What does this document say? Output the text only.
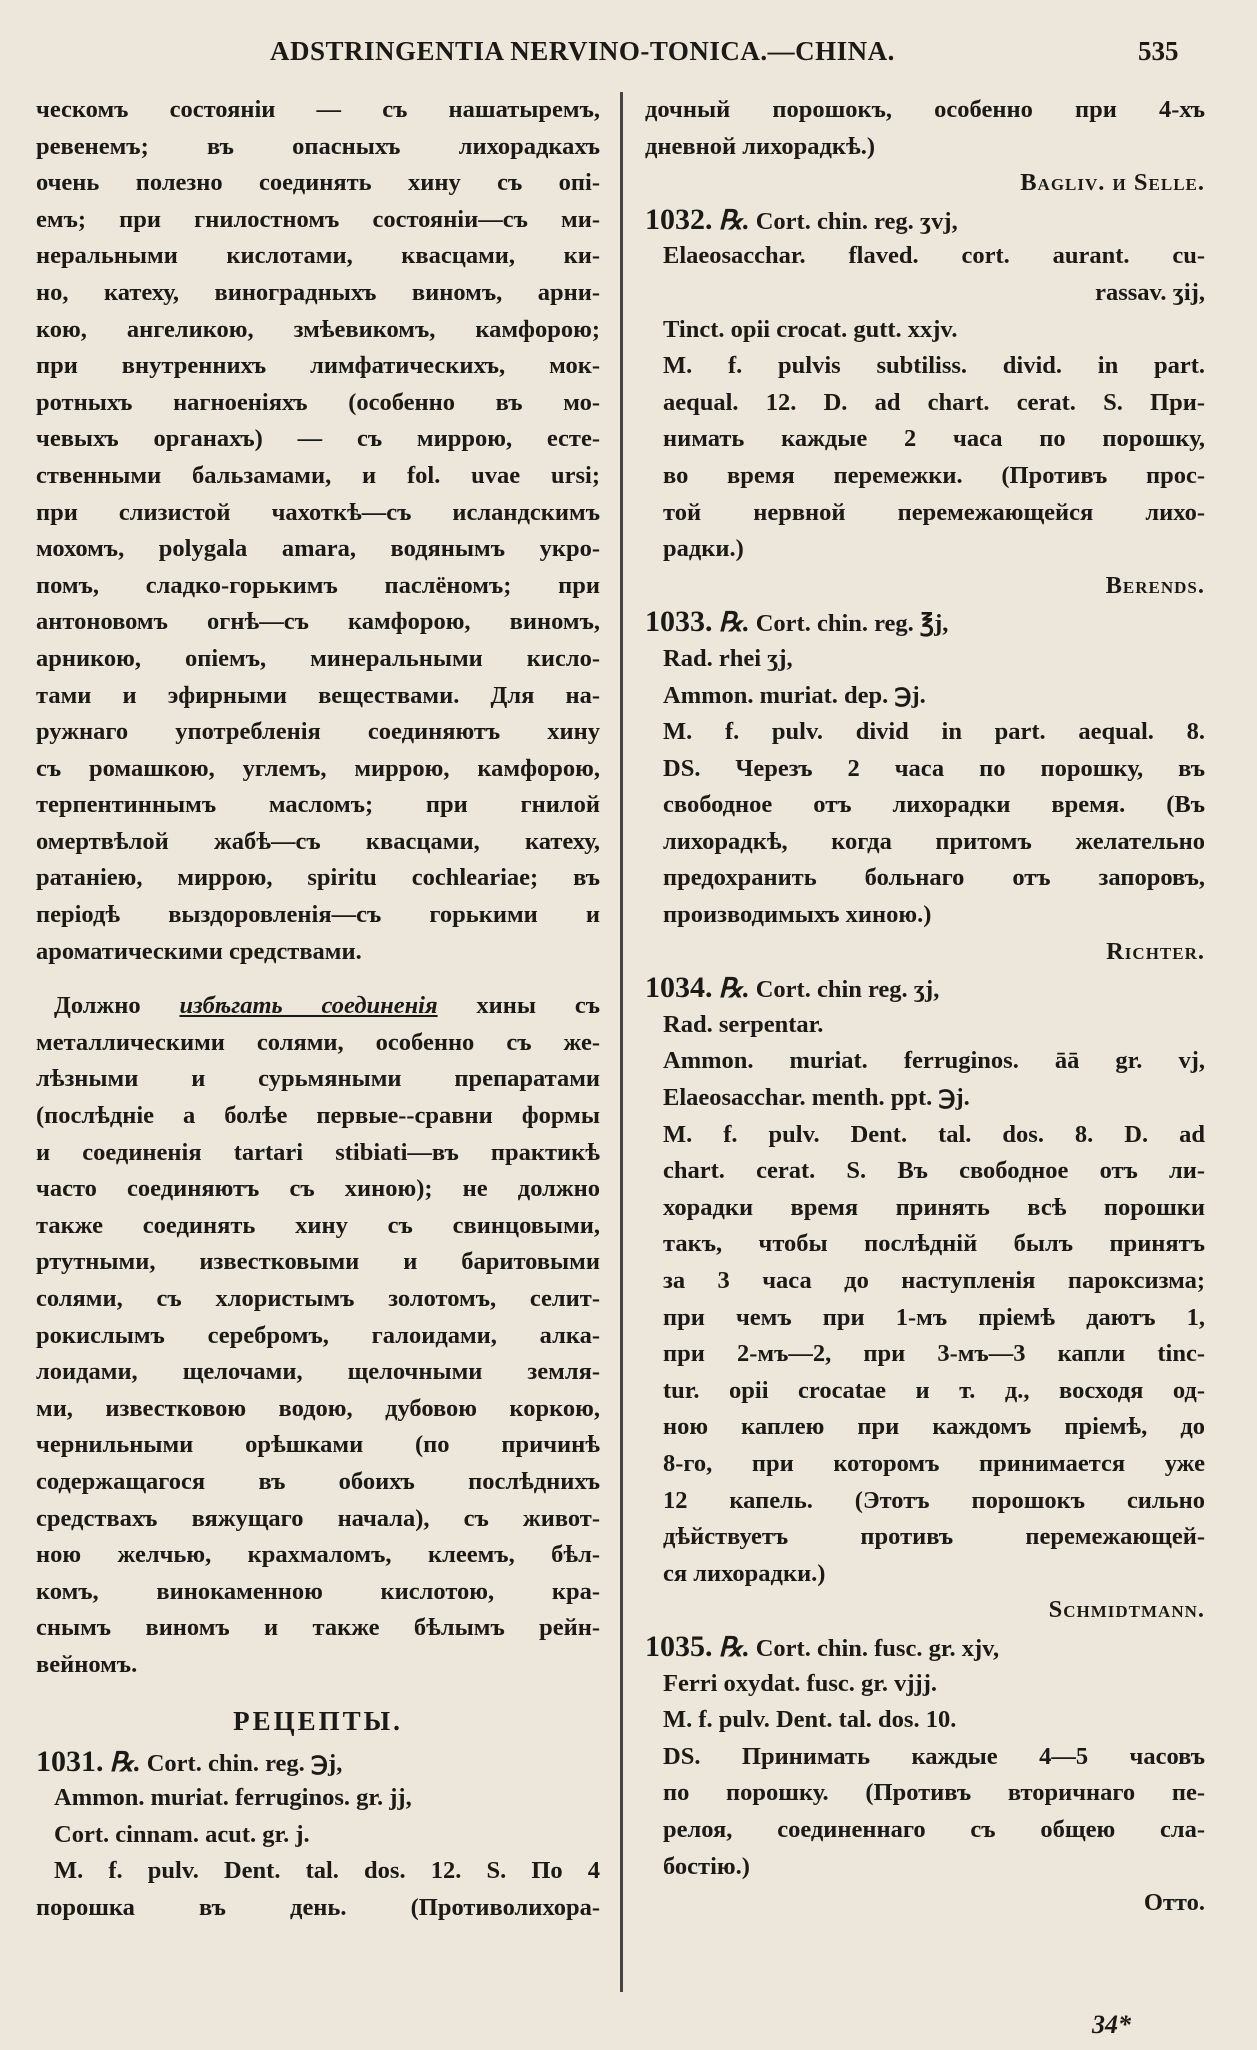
ADSTRINGENTIA NERVINO-TONICA.—CHINA.	535
ческомъ состояніи — съ нашатыремъ,
ревенемъ; въ опасныхъ лихорадкахъ
очень полезно соединять хину съ опі-
емъ; при гнилостномъ состояніи—съ ми-
неральными кислотами, квасцами, ки-
но, катеху, виноградныхъ виномъ, арни-
кою, ангеликою, змѣевикомъ, камфорою;
при внутреннихъ лимфатическихъ, мок-
ротныхъ нагноеніяхъ (особенно въ мо-
чевыхъ органахъ) — съ миррою, есте-
ственными бальзамами, и fol. uvae ursi;
при слизистой чахоткѣ—съ исландскимъ
мохомъ, polygala amara, водянымъ укро-
помъ, сладко-горькимъ паслёномъ; при
антоновомъ огнѣ—съ камфорою, виномъ,
арникою, опіемъ, минеральными кисло-
тами и эфирными веществами. Для на-
ружнаго употребленія соединяютъ хину
съ ромашкою, углемъ, миррою, камфорою,
терпентиннымъ масломъ; при гнилой
омертвѣлой жабѣ—съ квасцами, катеху,
ратаніею, миррою, spiritu cochleariae; въ
періодѣ выздоровленія—съ горькими и
ароматическими средствами.
Должно избѣгать соединенія хины съ
металлическими солями, особенно съ же-
лѣзными и сурьмяными препаратами
(послѣдніе а болѣе первые--сравни формы
и соединенія tartari stibiati—въ практикѣ
часто соединяютъ съ хиною); не должно
также соединять хину съ свинцовыми,
ртутными, известковыми и баритовыми
солями, съ хлористымъ золотомъ, селит-
рокислымъ серебромъ, галоидами, алка-
лоидами, щелочами, щелочными земля-
ми, известковою водою, дубовою коркою,
чернильными орѣшками (по причинѣ
содержащагося въ обоихъ послѣднихъ
средствахъ вяжущаго начала), съ живот-
ною желчью, крахмаломъ, клеемъ, бѣл-
комъ, винокаменною кислотою, кра-
снымъ виномъ и также бѣлымъ рейн-
вейномъ.
РЕЦЕПТЫ.
1031. ℞. Cort. chin. reg. ℈j,
Ammon. muriat. ferruginos. gr. jj,
Cort. cinnam. acut. gr. j.
M. f. pulv. Dent. tal. dos. 12. S. По 4
порошка въ день. (Противолихора-
дочный порошокъ, особенно при 4-хъ
дневной лихорадкѣ.)
Bagliv. и Selle.
1032. ℞. Cort. chin. reg. ʒvj,
Elaeosacchar. flaved. cort. aurant. cu-
rassav. ʒij,
Tinct. opii crocat. gutt. xxjv.
M. f. pulvis subtiliss. divid. in part.
aequal. 12. D. ad chart. cerat. S. При-
нимать каждые 2 часа по порошку,
во время перемежки. (Противъ прос-
той нервной перемежающейся лихо-
радки.)
Berends.
1033. ℞. Cort. chin. reg. ℥j,
Rad. rhei ʒj,
Ammon. muriat. dep. ℈j.
M. f. pulv. divid in part. aequal. 8.
DS. Черезъ 2 часа по порошку, въ
свободное отъ лихорадки время. (Въ
лихорадкѣ, когда притомъ желательно
предохранить больнаго отъ запоровъ,
производимыхъ хиною.)
Richter.
1034. ℞. Cort. chin reg. ʒj,
Rad. serpentar.
Ammon. muriat. ferruginos. āā gr. vj,
Elaeosacchar. menth. ppt. ℈j.
M. f. pulv. Dent. tal. dos. 8. D. ad
chart. cerat. S. Въ свободное отъ ли-
хорадки время принять всѣ порошки
такъ, чтобы послѣдній былъ принятъ
за 3 часа до наступленія пароксизма;
при чемъ при 1-мъ пріемѣ даютъ 1,
при 2-мъ—2, при 3-мъ—3 капли tinc-
tur. opii crocatae и т. д., восходя од-
ною каплею при каждомъ пріемѣ, до
8-го, при которомъ принимается уже
12 капель. (Этотъ порошокъ сильно
дѣйствуетъ противъ перемежающей-
ся лихорадки.)
Schmidtmann.
1035. ℞. Cort. chin. fusc. gr. xjv,
Ferri oxydat. fusc. gr. vjjj.
M. f. pulv. Dent. tal. dos. 10.
DS. Принимать каждые 4—5 часовъ
по порошку. (Противъ вторичнаго пе-
релоя, соединеннаго съ общею сла-
бостію.)
Отто.
34*
